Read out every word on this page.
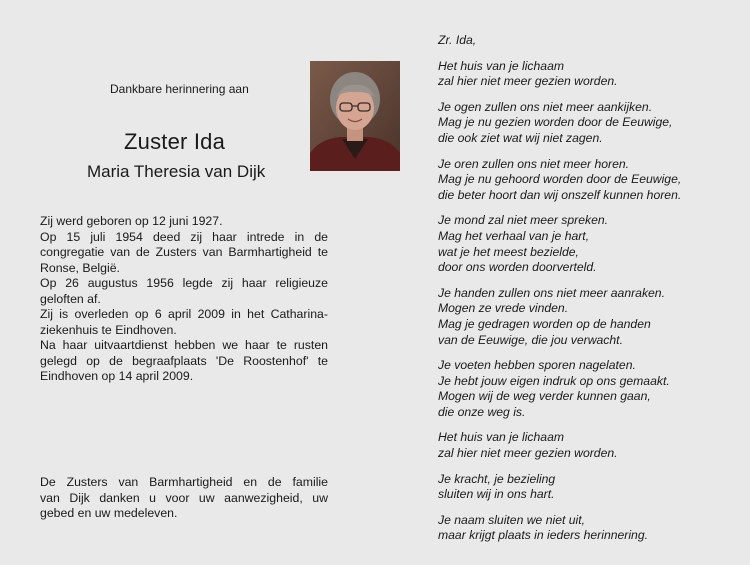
Dankbare herinnering aan
Zuster Ida
Maria Theresia van Dijk

Zij werd geboren op 12 juni 1927.

Op 15 juli 1954 deed zij haar intrede in de

congregatie van de Zusters van Barmhartigheid te

Ronse, België.

Op 26 augustus 1956 legde zij haar religieuze

geloften af.

Zij is overleden op 6 april 2009 in het Catharina-

ziekenhuis te Eindhoven.

Na haar uitvaartdienst hebben we haar te rusten

gelegd op de begraafplaats 'De Roostenhof' te

Eindhoven op 14 april 2009.

De Zusters van Barmhartigheid en de familie

van Dijk danken u voor uw aanwezigheid, uw

gebed en uw medeleven.

Zr. Ida,
Het huis van je lichaam
zal hier niet meer gezien worden.
Je ogen zullen ons niet meer aankijken.
Mag je nu gezien worden door de Eeuwige,
die ook ziet wat wij niet zagen.
Je oren zullen ons niet meer horen.
Mag je nu gehoord worden door de Eeuwige,
die beter hoort dan wij onszelf kunnen horen.
Je mond zal niet meer spreken.
Mag het verhaal van je hart,
wat je het meest bezielde,
door ons worden doorverteld.
Je handen zullen ons niet meer aanraken.
Mogen ze vrede vinden.
Mag je gedragen worden op de handen
van de Eeuwige, die jou verwacht.
Je voeten hebben sporen nagelaten.
Je hebt jouw eigen indruk op ons gemaakt.
Mogen wij de weg verder kunnen gaan,
die onze weg is.
Het huis van je lichaam
zal hier niet meer gezien worden.
Je kracht, je bezieling
sluiten wij in ons hart.
Je naam sluiten we niet uit,
maar krijgt plaats in ieders herinnering.
